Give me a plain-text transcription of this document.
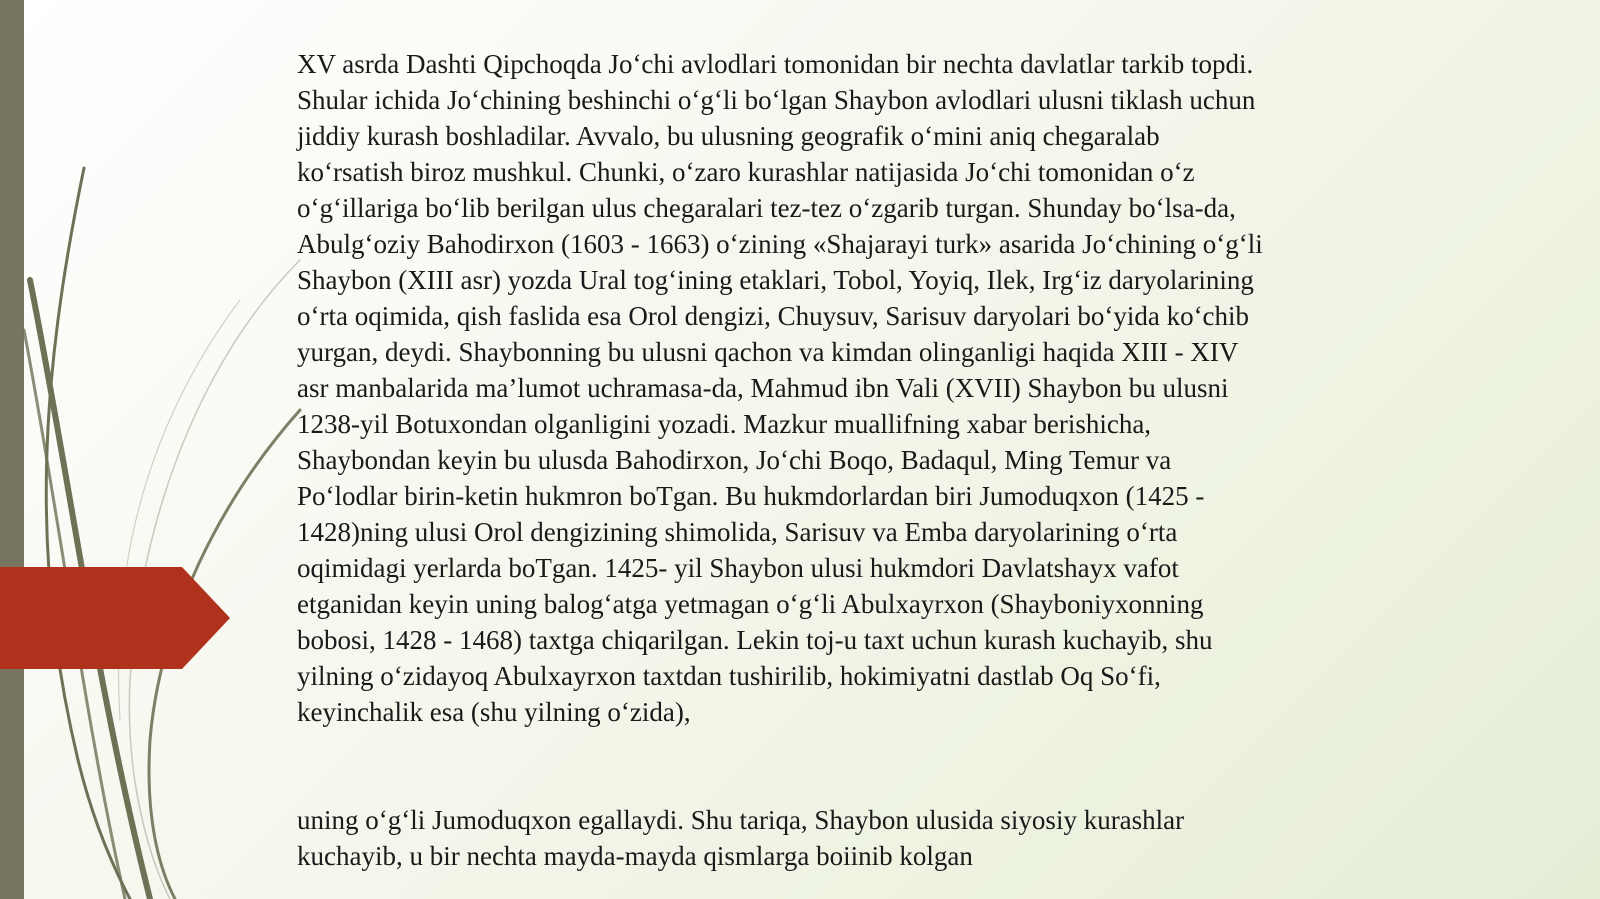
XV asrda Dashti Qipchoqda Jo‘chi avlodlari tomonidan bir nechta davlatlar tarkib topdi.
Shular ichida Jo‘chining beshinchi o‘g‘li bo‘lgan Shaybon avlodlari ulusni tiklash uchun
jiddiy kurash boshladilar. Avvalo, bu ulusning geografik o‘mini aniq chegaralab
ko‘rsatish biroz mushkul. Chunki, o‘zaro kurashlar natijasida Jo‘chi tomonidan o‘z
o‘g‘illariga bo‘lib berilgan ulus chegaralari tez-tez o‘zgarib turgan. Shunday bo‘lsa-da,
Abulg‘oziy Bahodirxon (1603 - 1663) o‘zining «Shajarayi turk» asarida Jo‘chining o‘g‘li
Shaybon (XIII asr) yozda Ural tog‘ining etaklari, Tobol, Yoyiq, Ilek, Irg‘iz daryolarining
o‘rta oqimida, qish faslida esa Orol dengizi, Chuysuv, Sarisuv daryolari bo‘yida ko‘chib
yurgan, deydi. Shaybonning bu ulusni qachon va kimdan olinganligi haqida XIII - XIV
asr manbalarida ma’lumot uchramasa-da, Mahmud ibn Vali (XVII) Shaybon bu ulusni
1238-yil Botuxondan olganligini yozadi. Mazkur muallifning xabar berishicha,
Shaybondan keyin bu ulusda Bahodirxon, Jo‘chi Boqo, Badaqul, Ming Temur va
Po‘lodlar birin-ketin hukmron boTgan. Bu hukmdorlardan biri Jumoduqxon (1425 -
1428)ning ulusi Orol dengizining shimolida, Sarisuv va Emba daryolarining o‘rta
oqimidagi yerlarda boTgan. 1425- yil Shaybon ulusi hukmdori Davlatshayx vafot
etganidan keyin uning balog‘atga yetmagan o‘g‘li Abulxayrxon (Shayboniyxonning
bobosi, 1428 - 1468) taxtga chiqarilgan. Lekin toj-u taxt uchun kurash kuchayib, shu
yilning o‘zidayoq Abulxayrxon taxtdan tushirilib, hokimiyatni dastlab Oq So‘fi,
keyinchalik esa (shu yilning o‘zida),

uning o‘g‘li Jumoduqxon egallaydi. Shu tariqa, Shaybon ulusida siyosiy kurashlar
kuchayib, u bir nechta mayda-mayda qismlarga boiinib kolgan
